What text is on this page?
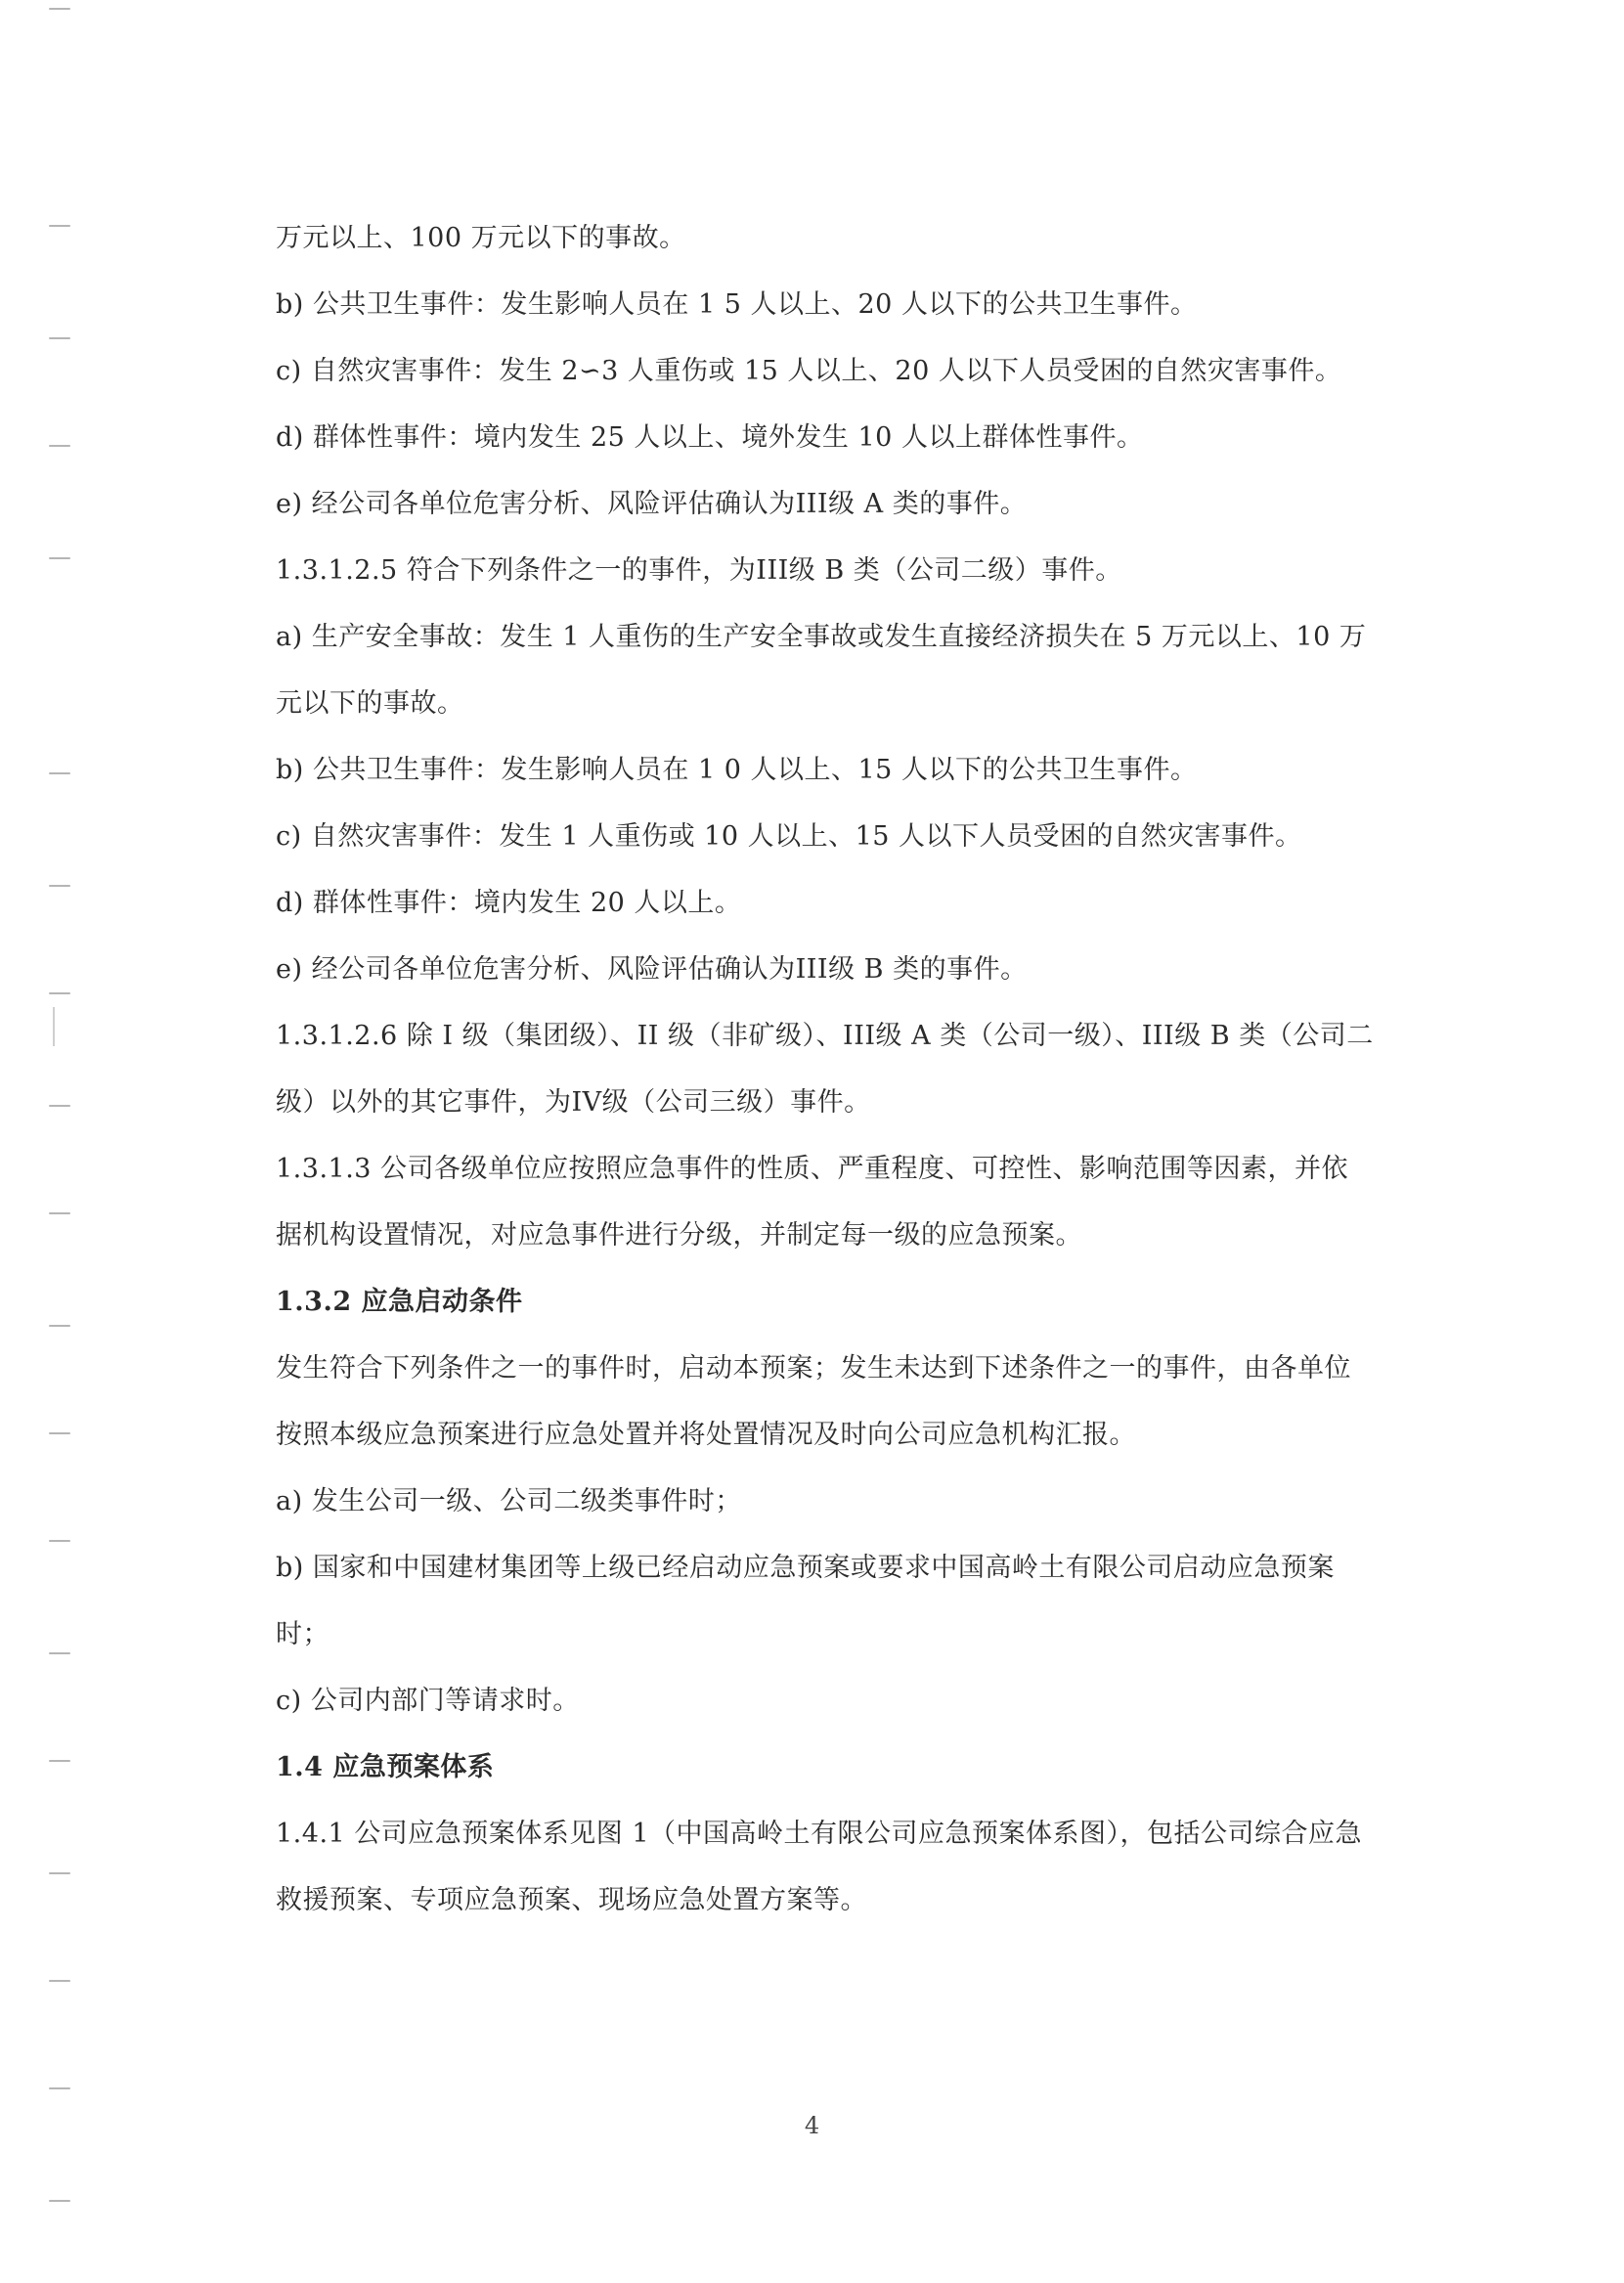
万元以上、100 万元以下的事故。
b) 公共卫生事件：发生影响人员在 1 5 人以上、20 人以下的公共卫生事件。
c) 自然灾害事件：发生 2∽3 人重伤或 15 人以上、20 人以下人员受困的自然灾害事件。
d) 群体性事件：境内发生 25 人以上、境外发生 10 人以上群体性事件。
e) 经公司各单位危害分析、风险评估确认为III级 A 类的事件。
1.3.1.2.5 符合下列条件之一的事件，为III级 B 类（公司二级）事件。
a) 生产安全事故：发生 1 人重伤的生产安全事故或发生直接经济损失在 5 万元以上、10 万
元以下的事故。
b) 公共卫生事件：发生影响人员在 1 0 人以上、15 人以下的公共卫生事件。
c) 自然灾害事件：发生 1 人重伤或 10 人以上、15 人以下人员受困的自然灾害事件。
d) 群体性事件：境内发生 20 人以上。
e) 经公司各单位危害分析、风险评估确认为III级 B 类的事件。
1.3.1.2.6 除 I 级（集团级）、II 级（非矿级）、III级 A 类（公司一级）、III级 B 类（公司二
级）以外的其它事件，为IV级（公司三级）事件。
1.3.1.3 公司各级单位应按照应急事件的性质、严重程度、可控性、影响范围等因素，并依
据机构设置情况，对应急事件进行分级，并制定每一级的应急预案。
1.3.2 应急启动条件
发生符合下列条件之一的事件时，启动本预案；发生未达到下述条件之一的事件，由各单位
按照本级应急预案进行应急处置并将处置情况及时向公司应急机构汇报。
a) 发生公司一级、公司二级类事件时；
b) 国家和中国建材集团等上级已经启动应急预案或要求中国高岭土有限公司启动应急预案
时；
c) 公司内部门等请求时。
1.4 应急预案体系
1.4.1 公司应急预案体系见图 1（中国高岭土有限公司应急预案体系图），包括公司综合应急
救援预案、专项应急预案、现场应急处置方案等。
4
